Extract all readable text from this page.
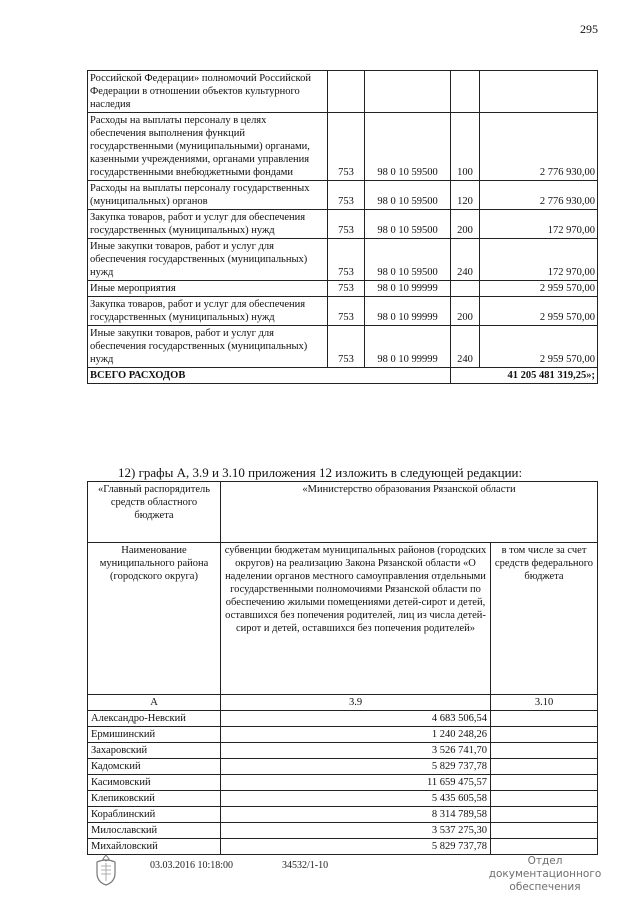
295
Российской Федерации» полномочий Российской Федерации в отношении объектов культурного наследия				
Расходы на выплаты персоналу в целях обеспечения выполнения функций государственными (муниципальными) органами, казенными учреждениями, органами управления государственными внебюджетными фондами	753	98 0 10 59500	100	2 776 930,00
Расходы на выплаты персоналу государственных (муниципальных) органов	753	98 0 10 59500	120	2 776 930,00
Закупка товаров, работ и услуг для обеспечения государственных (муниципальных) нужд	753	98 0 10 59500	200	172 970,00
Иные закупки товаров, работ и услуг для обеспечения государственных (муниципальных) нужд	753	98 0 10 59500	240	172 970,00
Иные мероприятия	753	98 0 10 99999		2 959 570,00
Закупка товаров, работ и услуг для обеспечения государственных (муниципальных) нужд	753	98 0 10 99999	200	2 959 570,00
Иные закупки товаров, работ и услуг для обеспечения государственных (муниципальных) нужд	753	98 0 10 99999	240	2 959 570,00
ВСЕГО РАСХОДОВ			41 205 481 319,25»;	
12) графы А, 3.9 и 3.10 приложения 12 изложить в следующей редакции:
«Главный распорядитель средств областного бюджета	«Министерство образования Рязанской области	
Наименование муниципального района (городского округа)	субвенции бюджетам муниципальных районов (городских округов) на реализацию Закона Рязанской области «О наделении органов местного самоуправления отдельными государственными полномочиями Рязанской области по обеспечению жилыми помещениями детей-сирот и детей, оставшихся без попечения родителей, лиц из числа детей-сирот и детей, оставшихся без попечения родителей»	в том числе за счет средств федерального бюджета
А	3.9	3.10
Александро-Невский	4 683 506,54	
Ермишинский	1 240 248,26	
Захаровский	3 526 741,70	
Кадомский	5 829 737,78	
Касимовский	11 659 475,57	
Клепиковский	5 435 605,58	
Кораблинский	8 314 789,58	
Милославский	3 537 275,30	
Михайловский	5 829 737,78	
03.03.2016 10:18:00	34532/1-10	Отдел документационного обеспечения
